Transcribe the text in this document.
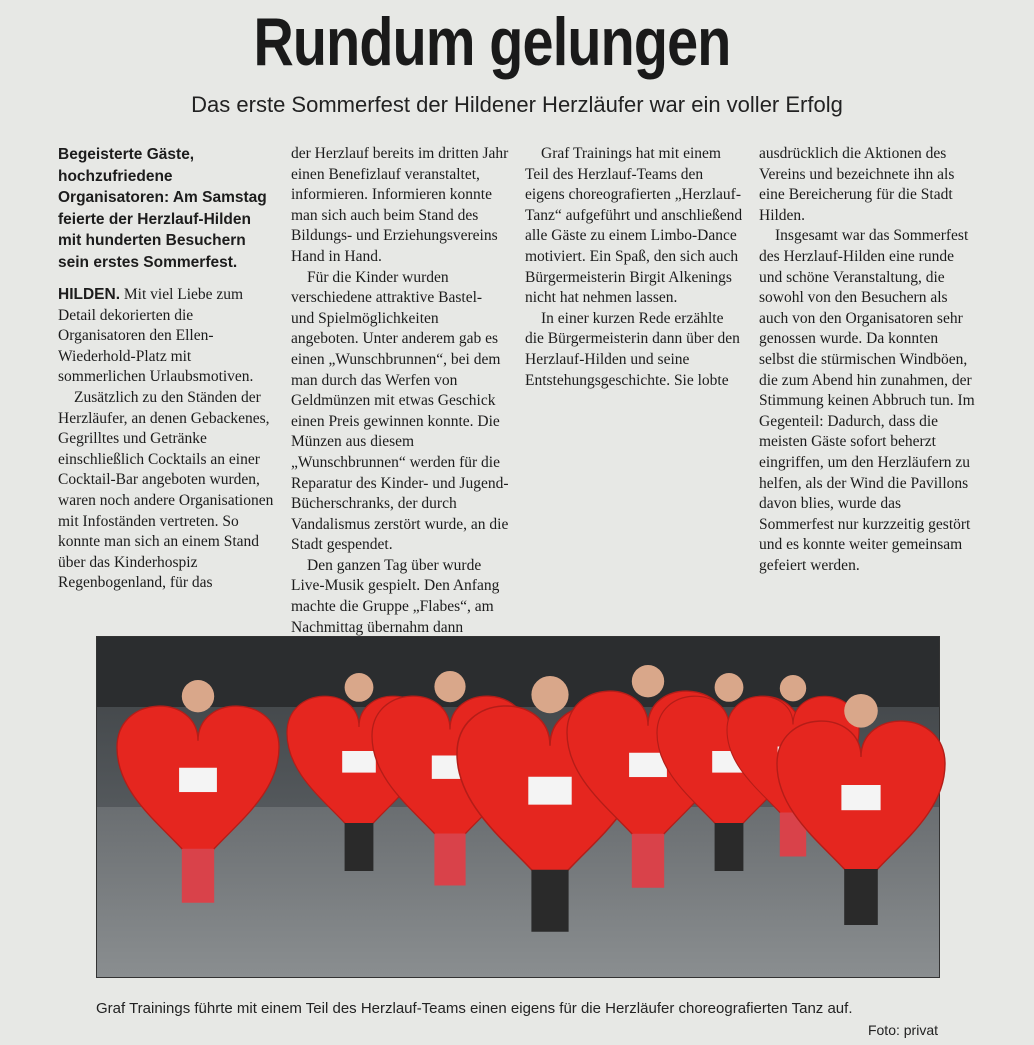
Rundum gelungen
Das erste Sommerfest der Hildener Herzläufer war ein voller Erfolg
Begeisterte Gäste, hochzufriedene Organisatoren: Am Samstag feierte der Herzlauf-Hilden mit hunderten Besuchern sein erstes Sommerfest.

HILDEN. Mit viel Liebe zum Detail dekorierten die Organisatoren den Ellen-Wiederhold-Platz mit sommerlichen Urlaubsmotiven.

Zusätzlich zu den Ständen der Herzläufer, an denen Gebackenes, Gegrilltes und Getränke einschließlich Cocktails an einer Cocktail-Bar angeboten wurden, waren noch andere Organisationen mit Infoständen vertreten. So konnte man sich an einem Stand über das Kinderhospiz Regenbogenland, für das

der Herzlauf bereits im dritten Jahr einen Benefizlauf veranstaltet, informieren. Informieren konnte man sich auch beim Stand des Bildungs- und Erziehungsvereins Hand in Hand.

Für die Kinder wurden verschiedene attraktive Bastel- und Spielmöglichkeiten angeboten. Unter anderem gab es einen „Wunschbrunnen“, bei dem man durch das Werfen von Geldmünzen mit etwas Geschick einen Preis gewinnen konnte. Die Münzen aus diesem „Wunschbrunnen“ werden für die Reparatur des Kinder- und Jugend-Bücherschranks, der durch Vandalismus zerstört wurde, an die Stadt gespendet.

Den ganzen Tag über wurde Live-Musik gespielt. Den Anfang machte die Gruppe „Flabes“, am Nachmittag übernahm dann

Graf Trainings hat mit einem Teil des Herzlauf-Teams den eigens choreografierten „Herzlauf-Tanz“ aufgeführt und anschließend alle Gäste zu einem Limbo-Dance motiviert. Ein Spaß, den sich auch Bürgermeisterin Birgit Alkenings nicht hat nehmen lassen.

In einer kurzen Rede erzählte die Bürgermeisterin dann über den Herzlauf-Hilden und seine Entstehungsgeschichte. Sie lobte

ausdrücklich die Aktionen des Vereins und bezeichnete ihn als eine Bereicherung für die Stadt Hilden.

Insgesamt war das Sommerfest des Herzlauf-Hilden eine runde und schöne Veranstaltung, die sowohl von den Besuchern als auch von den Organisatoren sehr genossen wurde. Da konnten selbst die stürmischen Windböen, die zum Abend hin zunahmen, der Stimmung keinen Abbruch tun. Im Gegenteil: Dadurch, dass die meisten Gäste sofort beherzt eingriffen, um den Herzläufern zu helfen, als der Wind die Pavillons davon blies, wurde das Sommerfest nur kurzzeitig gestört und es konnte weiter gemeinsam gefeiert werden.

Graf Trainings führte mit einem Teil des Herzlauf-Teams einen eigens für die Herzläufer choreografierten Tanz auf.
Foto: privat
